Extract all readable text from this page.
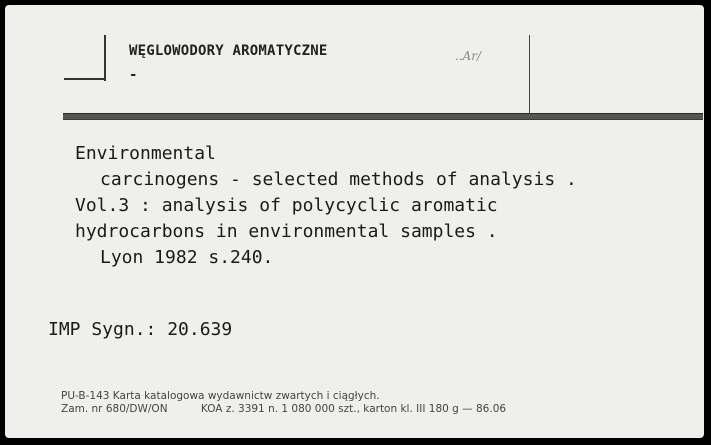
WĘGLOWODORY AROMATYCZNE
-
..Ar/
Environmental
carcinogens - selected methods of analysis .
Vol.3 : analysis of polycyclic aromatic
hydrocarbons in environmental samples .
Lyon 1982 s.240.
IMP Sygn.: 20.639
PU-B-143 Karta katalogowa wydawnictw zwartych i ciągłych.
Zam. nr 680/DW/ON          KOA z. 3391 n. 1 080 000 szt., karton kl. III 180 g — 86.06
